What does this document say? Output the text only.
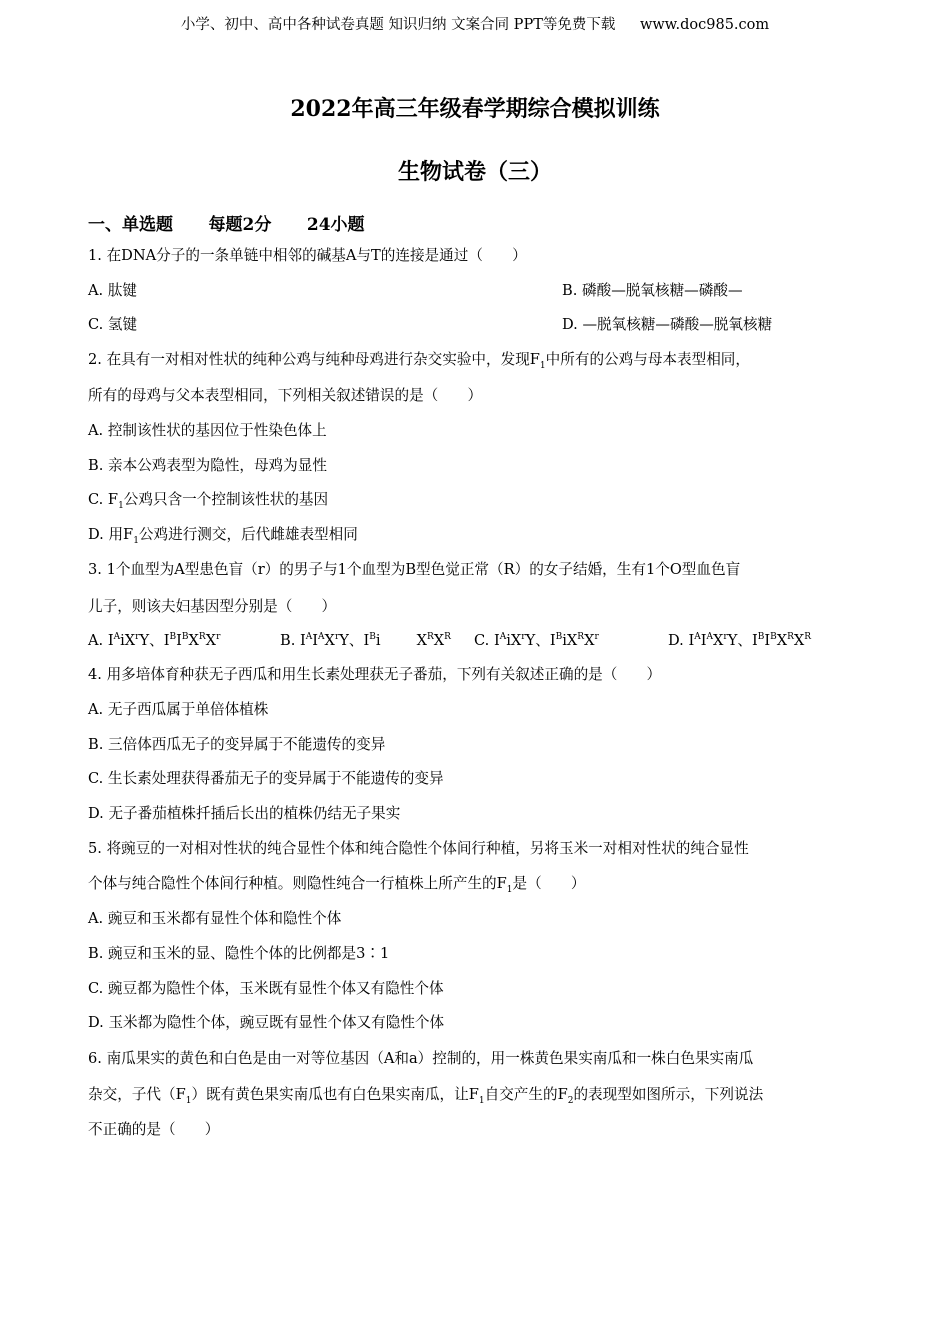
小学、初中、高中各种试卷真题 知识归纳 文案合同 PPT等免费下载 www.doc985.com
2022年高三年级春学期综合模拟训练
生物试卷（三）
一、单选题 每题2分 24小题
1. 在DNA分子的一条单链中相邻的碱基A与T的连接是通过（　　）
A. 肽键	B. 磷酸—脱氧核糖—磷酸—
C. 氢键	D. —脱氧核糖—磷酸—脱氧核糖
2. 在具有一对相对性状的纯种公鸡与纯种母鸡进行杂交实验中，发现$F_1$中所有的公鸡与母本表型相同，
所有的母鸡与父本表型相同，下列相关叙述错误的是（　　）
A. 控制该性状的基因位于性染色体上
B. 亲本公鸡表型为隐性，母鸡为显性
C. $F_1$公鸡只含一个控制该性状的基因
D. 用$F_1$公鸡进行测交，后代雌雄表型相同
3. 1个血型为A型患色盲（r）的男子与1个血型为B型色觉正常（R）的女子结婚，生有1个O型血色盲
儿子，则该夫妇基因型分别是（　　）
A. $I^AiX^rY$、$I^BI^BX^RX^r$	B. $I^AI^AX^rY$、$I^Bi$ $X^RX^R$ C. $I^AiX^rY$、$I^BiX^RX^r$	D. $I^AI^AX^rY$、$I^BI^BX^RX^R$
4. 用多培体育种获无子西瓜和用生长素处理获无子番茄，下列有关叙述正确的是（　　）
A. 无子西瓜属于单倍体植株
B. 三倍体西瓜无子的变异属于不能遗传的变异
C. 生长素处理获得番茄无子的变异属于不能遗传的变异
D. 无子番茄植株扦插后长出的植株仍结无子果实
5. 将豌豆的一对相对性状的纯合显性个体和纯合隐性个体间行种植，另将玉米一对相对性状的纯合显性
个体与纯合隐性个体间行种植。则隐性纯合一行植株上所产生的$F_1$是（　　）
A. 豌豆和玉米都有显性个体和隐性个体
B. 豌豆和玉米的显、隐性个体的比例都是3∶1
C. 豌豆都为隐性个体，玉米既有显性个体又有隐性个体
D. 玉米都为隐性个体，豌豆既有显性个体又有隐性个体
6. 南瓜果实的黄色和白色是由一对等位基因（A和a）控制的，用一株黄色果实南瓜和一株白色果实南瓜
杂交，子代$(F_1)$既有黄色果实南瓜也有白色果实南瓜，让$F_1$自交产生的$F_2$的表现型如图所示，下列说法
不正确的是（　　）
